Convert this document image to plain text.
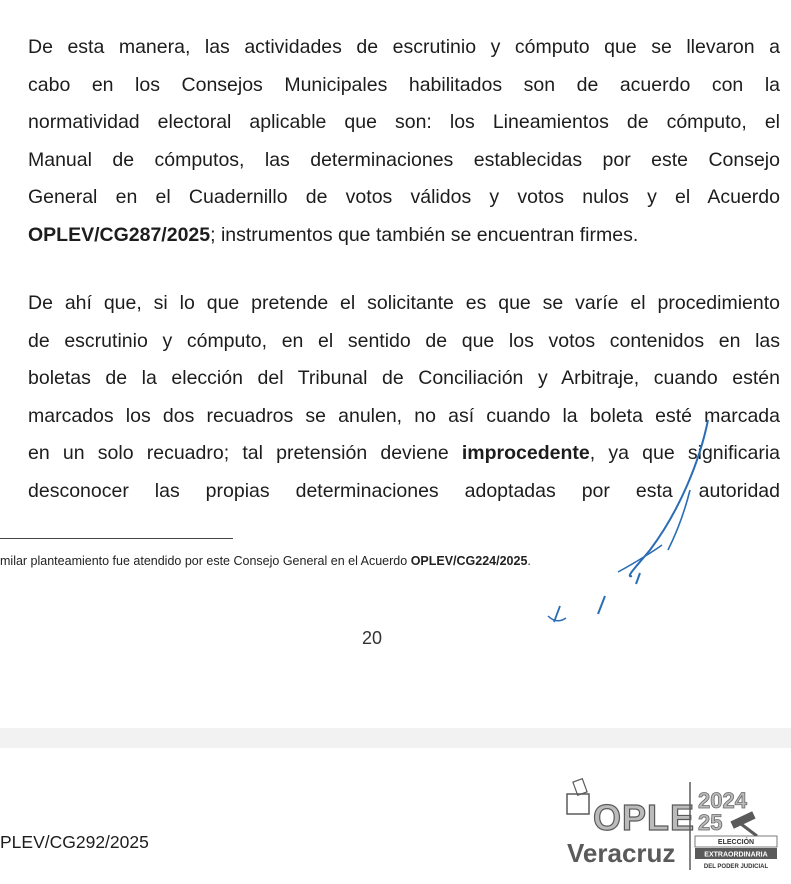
De esta manera, las actividades de escrutinio y cómputo que se llevaron a
cabo en los Consejos Municipales habilitados son de acuerdo con la
normatividad electoral aplicable que son: los Lineamientos de cómputo, el
Manual de cómputos, las determinaciones establecidas por este Consejo
General en el Cuadernillo de votos válidos y votos nulos y el Acuerdo
OPLEV/CG287/2025; instrumentos que también se encuentran firmes.
De ahí que, si lo que pretende el solicitante es que se varíe el procedimiento
de escrutinio y cómputo, en el sentido de que los votos contenidos en las
boletas de la elección del Tribunal de Conciliación y Arbitraje, cuando estén
marcados los dos recuadros se anulen, no así cuando la boleta esté marcada
en un solo recuadro; tal pretensión deviene improcedente, ya que significaria
desconocer las propias determinaciones adoptadas por esta autoridad
milar planteamiento fue atendido por este Consejo General en el Acuerdo OPLEV/CG224/2025.
20
PLEV/CG292/2025
OPLE
Veracruz
2024
25
ELECCIÓN
EXTRAORDINARIA
DEL PODER JUDICIAL
